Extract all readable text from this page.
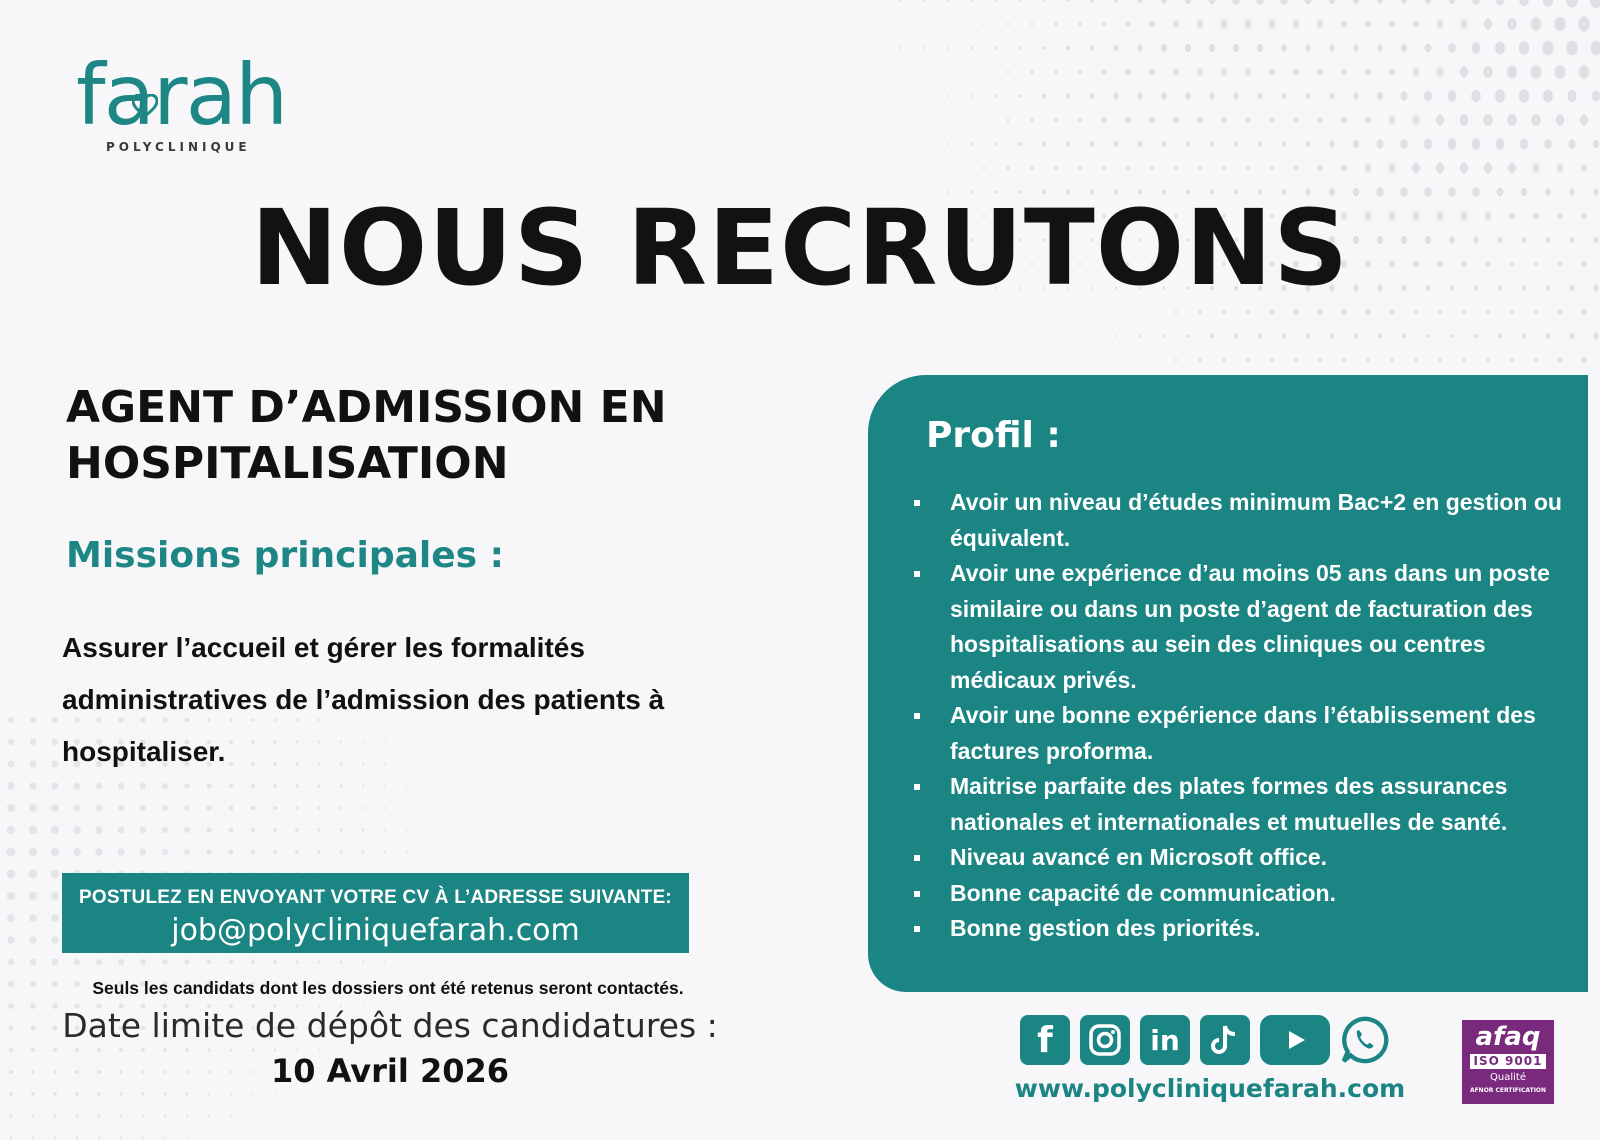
farah
POLYCLINIQUE
NOUS RECRUTONS
AGENT D’ADMISSION EN HOSPITALISATION
Missions principales :
Assurer l’accueil et gérer les formalités administratives de l’admission des patients à hospitaliser.
POSTULEZ EN ENVOYANT VOTRE CV À L’ADRESSE SUIVANTE:
job@polycliniquefarah.com
Seuls les candidats dont les dossiers ont été retenus seront contactés.
Date limite de dépôt des candidatures :
10 Avril 2026
Profil :
Avoir un niveau d’études minimum Bac+2 en gestion ou équivalent.
Avoir une expérience d’au moins 05 ans dans un poste similaire ou dans un poste d’agent de facturation des hospitalisations au sein des cliniques ou centres médicaux privés.
Avoir une bonne expérience dans l’établissement des factures proforma.
Maitrise parfaite des plates formes des assurances nationales et internationales et mutuelles de santé.
Niveau avancé en Microsoft office.
Bonne capacité de communication.
Bonne gestion des priorités.
f	in
www.polycliniquefarah.com
afaq
ISO 9001
Qualité
AFNOR CERTIFICATION
